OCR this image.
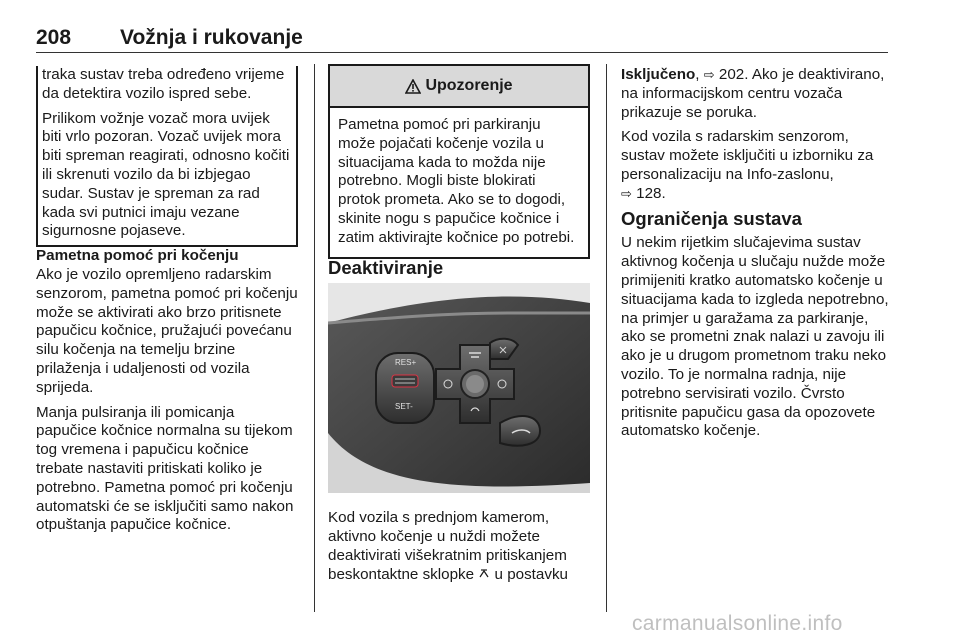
208 Vožnja i rukovanje

traka sustav treba određeno vrijeme da detektira vozilo ispred sebe.

Prilikom vožnje vozač mora uvijek biti vrlo pozoran. Vozač uvijek mora biti spreman reagirati, odnosno kočiti ili skrenuti vozilo da bi izbjegao sudar. Sustav je spreman za rad kada svi putnici imaju vezane sigurnosne pojaseve.

Pametna pomoć pri kočenju

Ako je vozilo opremljeno radarskim senzorom, pametna pomoć pri kočenju može se aktivirati ako brzo pritisnete papučicu kočnice, pružajući povećanu silu kočenja na temelju brzine prilaženja i udaljenosti od vozila sprijeda.

Manja pulsiranja ili pomicanja papučice kočnice normalna su tijekom tog vremena i papučicu kočnice trebate nastaviti pritiskati koliko je potrebno. Pametna pomoć pri kočenju automatski će se isključiti samo nakon otpuštanja papučice kočnice.

Upozorenje
Pametna pomoć pri parkiranju može pojačati kočenje vozila u situacijama kada to možda nije potrebno. Mogli biste blokirati protok prometa. Ako se to dogodi, skinite nogu s papučice kočnice i zatim aktivirajte kočnice po potrebi.

Deaktiviranje

RES+
SET-

Kod vozila s prednjom kamerom, aktivno kočenje u nuždi možete deaktivirati višekratnim pritiskanjem beskontaktne sklopke u postavku

Isključeno, ⇨ 202. Ako je deaktivirano, na informacijskom centru vozača prikazuje se poruka.

Kod vozila s radarskim senzorom, sustav možete isključiti u izborniku za personalizaciju na Info-zaslonu,
⇨ 128.

Ograničenja sustava

U nekim rijetkim slučajevima sustav aktivnog kočenja u slučaju nužde može primijeniti kratko automatsko kočenje u situacijama kada to izgleda nepotrebno, na primjer u garažama za parkiranje, ako se prometni znak nalazi u zavoju ili ako je u drugom prometnom traku neko vozilo. To je normalna radnja, nije potrebno servisirati vozilo. Čvrsto pritisnite papučicu gasa da opozovete automatsko kočenje.

carmanualsonline.info
